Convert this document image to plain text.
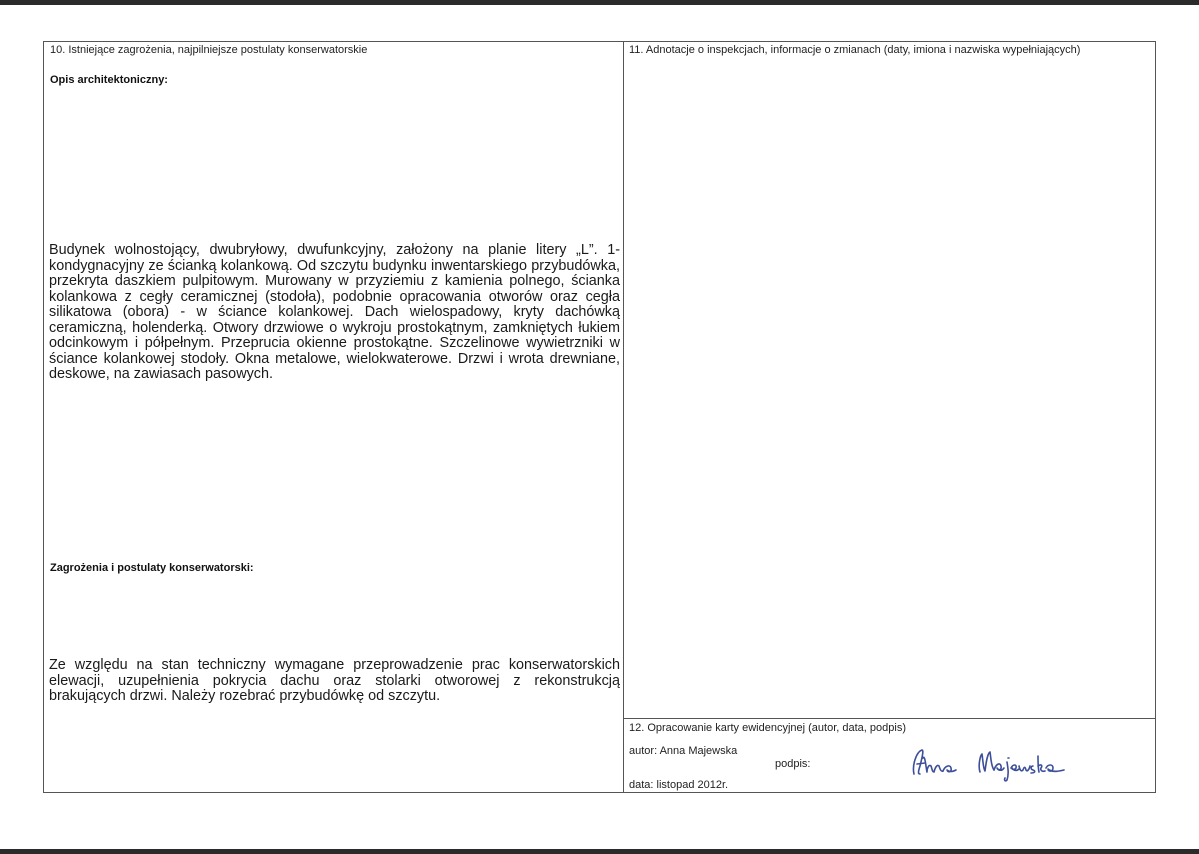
10. Istniejące zagrożenia, najpilniejsze postulaty konserwatorskie
Opis architektoniczny:
Budynek wolnostojący, dwubryłowy, dwufunkcyjny, założony na planie litery „L”. 1-kondygnacyjny ze ścianką kolankową. Od szczytu budynku inwentarskiego przybudówka, przekryta daszkiem pulpitowym. Murowany w przyziemiu z kamienia polnego, ścianka kolankowa z cegły ceramicznej (stodoła), podobnie opracowania otworów oraz cegła silikatowa (obora) - w ściance kolankowej. Dach wielospadowy, kryty dachówką ceramiczną, holenderką. Otwory drzwiowe o wykroju prostokątnym, zamkniętych łukiem odcinkowym i półpełnym. Przeprucia okienne prostokątne. Szczelinowe wywietrzniki w ściance kolankowej stodoły. Okna metalowe, wielokwaterowe. Drzwi i wrota drewniane, deskowe, na zawiasach pasowych.
Zagrożenia i postulaty konserwatorski:
Ze względu na stan techniczny wymagane przeprowadzenie prac konserwatorskich elewacji, uzupełnienia pokrycia dachu oraz stolarki otworowej z rekonstrukcją brakujących drzwi. Należy rozebrać przybudówkę od szczytu.
11. Adnotacje o inspekcjach, informacje o zmianach (daty, imiona i nazwiska wypełniających)
12. Opracowanie karty ewidencyjnej (autor, data, podpis)
autor: Anna Majewska
podpis:
data: listopad 2012r.
